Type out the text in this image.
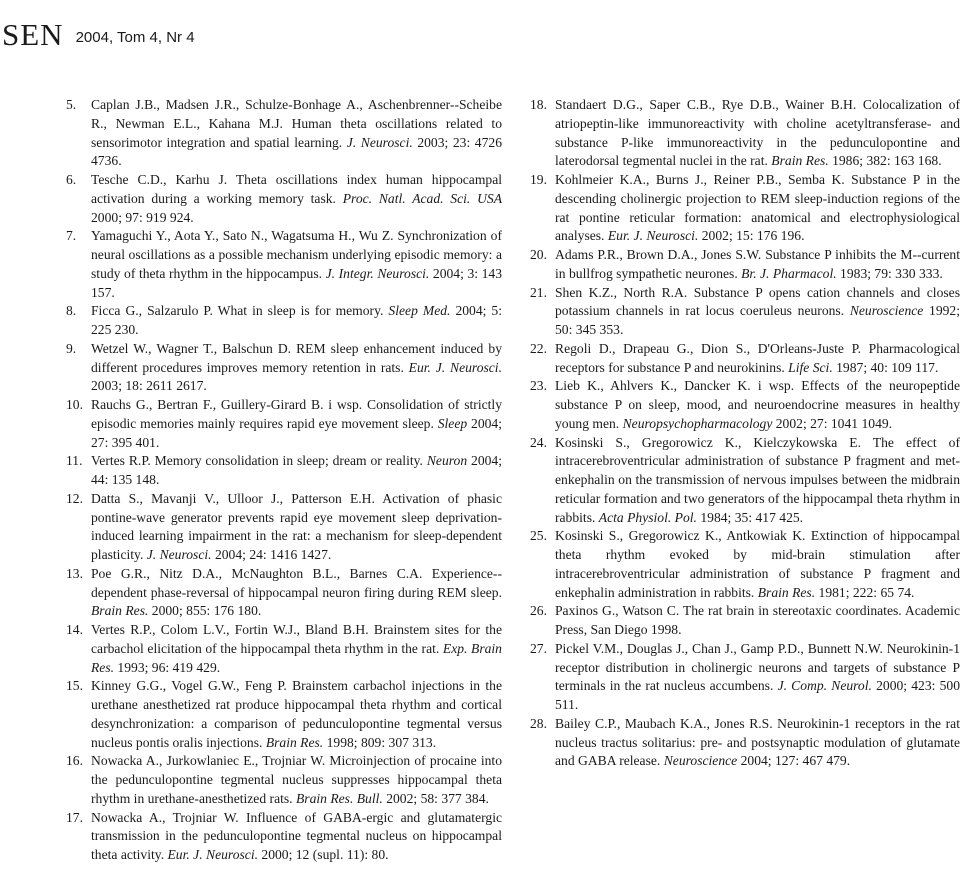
SEN 2004, Tom 4, Nr 4
5. Caplan J.B., Madsen J.R., Schulze-Bonhage A., Aschenbrenner--Scheibe R., Newman E.L., Kahana M.J. Human theta oscillations related to sensorimotor integration and spatial learning. J. Neurosci. 2003; 23: 4726 4736.
6. Tesche C.D., Karhu J. Theta oscillations index human hippocampal activation during a working memory task. Proc. Natl. Acad. Sci. USA 2000; 97: 919 924.
7. Yamaguchi Y., Aota Y., Sato N., Wagatsuma H., Wu Z. Synchronization of neural oscillations as a possible mechanism underlying episodic memory: a study of theta rhythm in the hippocampus. J. Integr. Neurosci. 2004; 3: 143 157.
8. Ficca G., Salzarulo P. What in sleep is for memory. Sleep Med. 2004; 5: 225 230.
9. Wetzel W., Wagner T., Balschun D. REM sleep enhancement induced by different procedures improves memory retention in rats. Eur. J. Neurosci. 2003; 18: 2611 2617.
10. Rauchs G., Bertran F., Guillery-Girard B. i wsp. Consolidation of strictly episodic memories mainly requires rapid eye movement sleep. Sleep 2004; 27: 395 401.
11. Vertes R.P. Memory consolidation in sleep; dream or reality. Neuron 2004; 44: 135 148.
12. Datta S., Mavanji V., Ulloor J., Patterson E.H. Activation of phasic pontine-wave generator prevents rapid eye movement sleep deprivation-induced learning impairment in the rat: a mechanism for sleep-dependent plasticity. J. Neurosci. 2004; 24: 1416 1427.
13. Poe G.R., Nitz D.A., McNaughton B.L., Barnes C.A. Experience--dependent phase-reversal of hippocampal neuron firing during REM sleep. Brain Res. 2000; 855: 176 180.
14. Vertes R.P., Colom L.V., Fortin W.J., Bland B.H. Brainstem sites for the carbachol elicitation of the hippocampal theta rhythm in the rat. Exp. Brain Res. 1993; 96: 419 429.
15. Kinney G.G., Vogel G.W., Feng P. Brainstem carbachol injections in the urethane anesthetized rat produce hippocampal theta rhythm and cortical desynchronization: a comparison of pedunculopontine tegmental versus nucleus pontis oralis injections. Brain Res. 1998; 809: 307 313.
16. Nowacka A., Jurkowlaniec E., Trojniar W. Microinjection of procaine into the pedunculopontine tegmental nucleus suppresses hippocampal theta rhythm in urethane-anesthetized rats. Brain Res. Bull. 2002; 58: 377 384.
17. Nowacka A., Trojniar W. Influence of GABA-ergic and glutamatergic transmission in the pedunculopontine tegmental nucleus on hippocampal theta activity. Eur. J. Neurosci. 2000; 12 (supl. 11): 80.
18. Standaert D.G., Saper C.B., Rye D.B., Wainer B.H. Colocalization of atriopeptin-like immunoreactivity with choline acetyltransferase- and substance P-like immunoreactivity in the pedunculopontine and laterodorsal tegmental nuclei in the rat. Brain Res. 1986; 382: 163 168.
19. Kohlmeier K.A., Burns J., Reiner P.B., Semba K. Substance P in the descending cholinergic projection to REM sleep-induction regions of the rat pontine reticular formation: anatomical and electrophysiological analyses. Eur. J. Neurosci. 2002; 15: 176 196.
20. Adams P.R., Brown D.A., Jones S.W. Substance P inhibits the M--current in bullfrog sympathetic neurones. Br. J. Pharmacol. 1983; 79: 330 333.
21. Shen K.Z., North R.A. Substance P opens cation channels and closes potassium channels in rat locus coeruleus neurons. Neuroscience 1992; 50: 345 353.
22. Regoli D., Drapeau G., Dion S., D'Orleans-Juste P. Pharmacological receptors for substance P and neurokinins. Life Sci. 1987; 40: 109 117.
23. Lieb K., Ahlvers K., Dancker K. i wsp. Effects of the neuropeptide substance P on sleep, mood, and neuroendocrine measures in healthy young men. Neuropsychopharmacology 2002; 27: 1041 1049.
24. Kosinski S., Gregorowicz K., Kielczykowska E. The effect of intracerebroventricular administration of substance P fragment and met-enkephalin on the transmission of nervous impulses between the midbrain reticular formation and two generators of the hippocampal theta rhythm in rabbits. Acta Physiol. Pol. 1984; 35: 417 425.
25. Kosinski S., Gregorowicz K., Antkowiak K. Extinction of hippocampal theta rhythm evoked by mid-brain stimulation after intracerebroventricular administration of substance P fragment and enkephalin administration in rabbits. Brain Res. 1981; 222: 65 74.
26. Paxinos G., Watson C. The rat brain in stereotaxic coordinates. Academic Press, San Diego 1998.
27. Pickel V.M., Douglas J., Chan J., Gamp P.D., Bunnett N.W. Neurokinin-1 receptor distribution in cholinergic neurons and targets of substance P terminals in the rat nucleus accumbens. J. Comp. Neurol. 2000; 423: 500 511.
28. Bailey C.P., Maubach K.A., Jones R.S. Neurokinin-1 receptors in the rat nucleus tractus solitarius: pre- and postsynaptic modulation of glutamate and GABA release. Neuroscience 2004; 127: 467 479.
